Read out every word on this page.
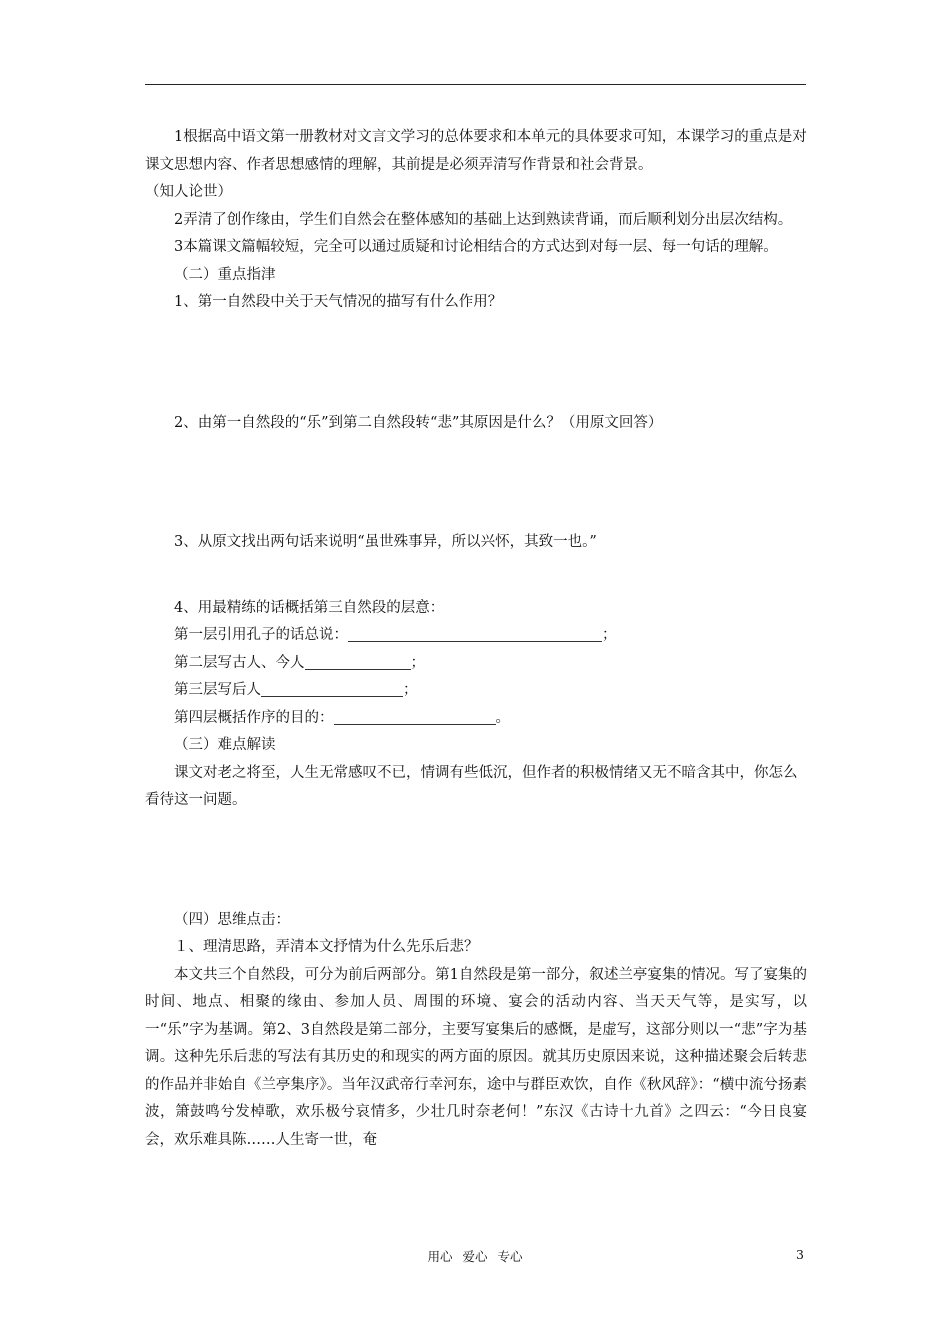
1根据高中语文第一册教材对文言文学习的总体要求和本单元的具体要求可知，本课学习的重点是对课文思想内容、作者思想感情的理解，其前提是必须弄清写作背景和社会背景。
（知人论世）

2弄清了创作缘由，学生们自然会在整体感知的基础上达到熟读背诵，而后顺利划分出层次结构。

3本篇课文篇幅较短，完全可以通过质疑和讨论相结合的方式达到对每一层、每一句话的理解。

（二）重点指津

1、第一自然段中关于天气情况的描写有什么作用？

2、由第一自然段的“乐”到第二自然段转“悲”其原因是什么？（用原文回答）

3、从原文找出两句话来说明“虽世殊事异，所以兴怀，其致一也。”

4、用最精练的话概括第三自然段的层意：

第一层引用孔子的话总说：	；

第二层写古人、今人	；

第三层写后人	；

第四层概括作序的目的：	。

（三）难点解读

课文对老之将至，人生无常感叹不已，情调有些低沉，但作者的积极情绪又无不暗含其中，你怎么看待这一问题。

（四）思维点击：

１、理清思路，弄清本文抒情为什么先乐后悲？

本文共三个自然段，可分为前后两部分。第1自然段是第一部分，叙述兰亭宴集的情况。写了宴集的时间、地点、相聚的缘由、参加人员、周围的环境、宴会的活动内容、当天天气等，是实写，以一“乐”字为基调。第2、3自然段是第二部分，主要写宴集后的感慨，是虚写，这部分则以一“悲”字为基调。这种先乐后悲的写法有其历史的和现实的两方面的原因。就其历史原因来说，这种描述聚会后转悲的作品并非始自《兰亭集序》。当年汉武帝行幸河东，途中与群臣欢饮，自作《秋风辞》：“横中流兮扬素波，箫鼓鸣兮发棹歌，欢乐极兮哀情多，少壮几时奈老何！”东汉《古诗十九首》之四云：“今日良宴会，欢乐难具陈……人生寄一世，奄

用心 爱心 专心	3
